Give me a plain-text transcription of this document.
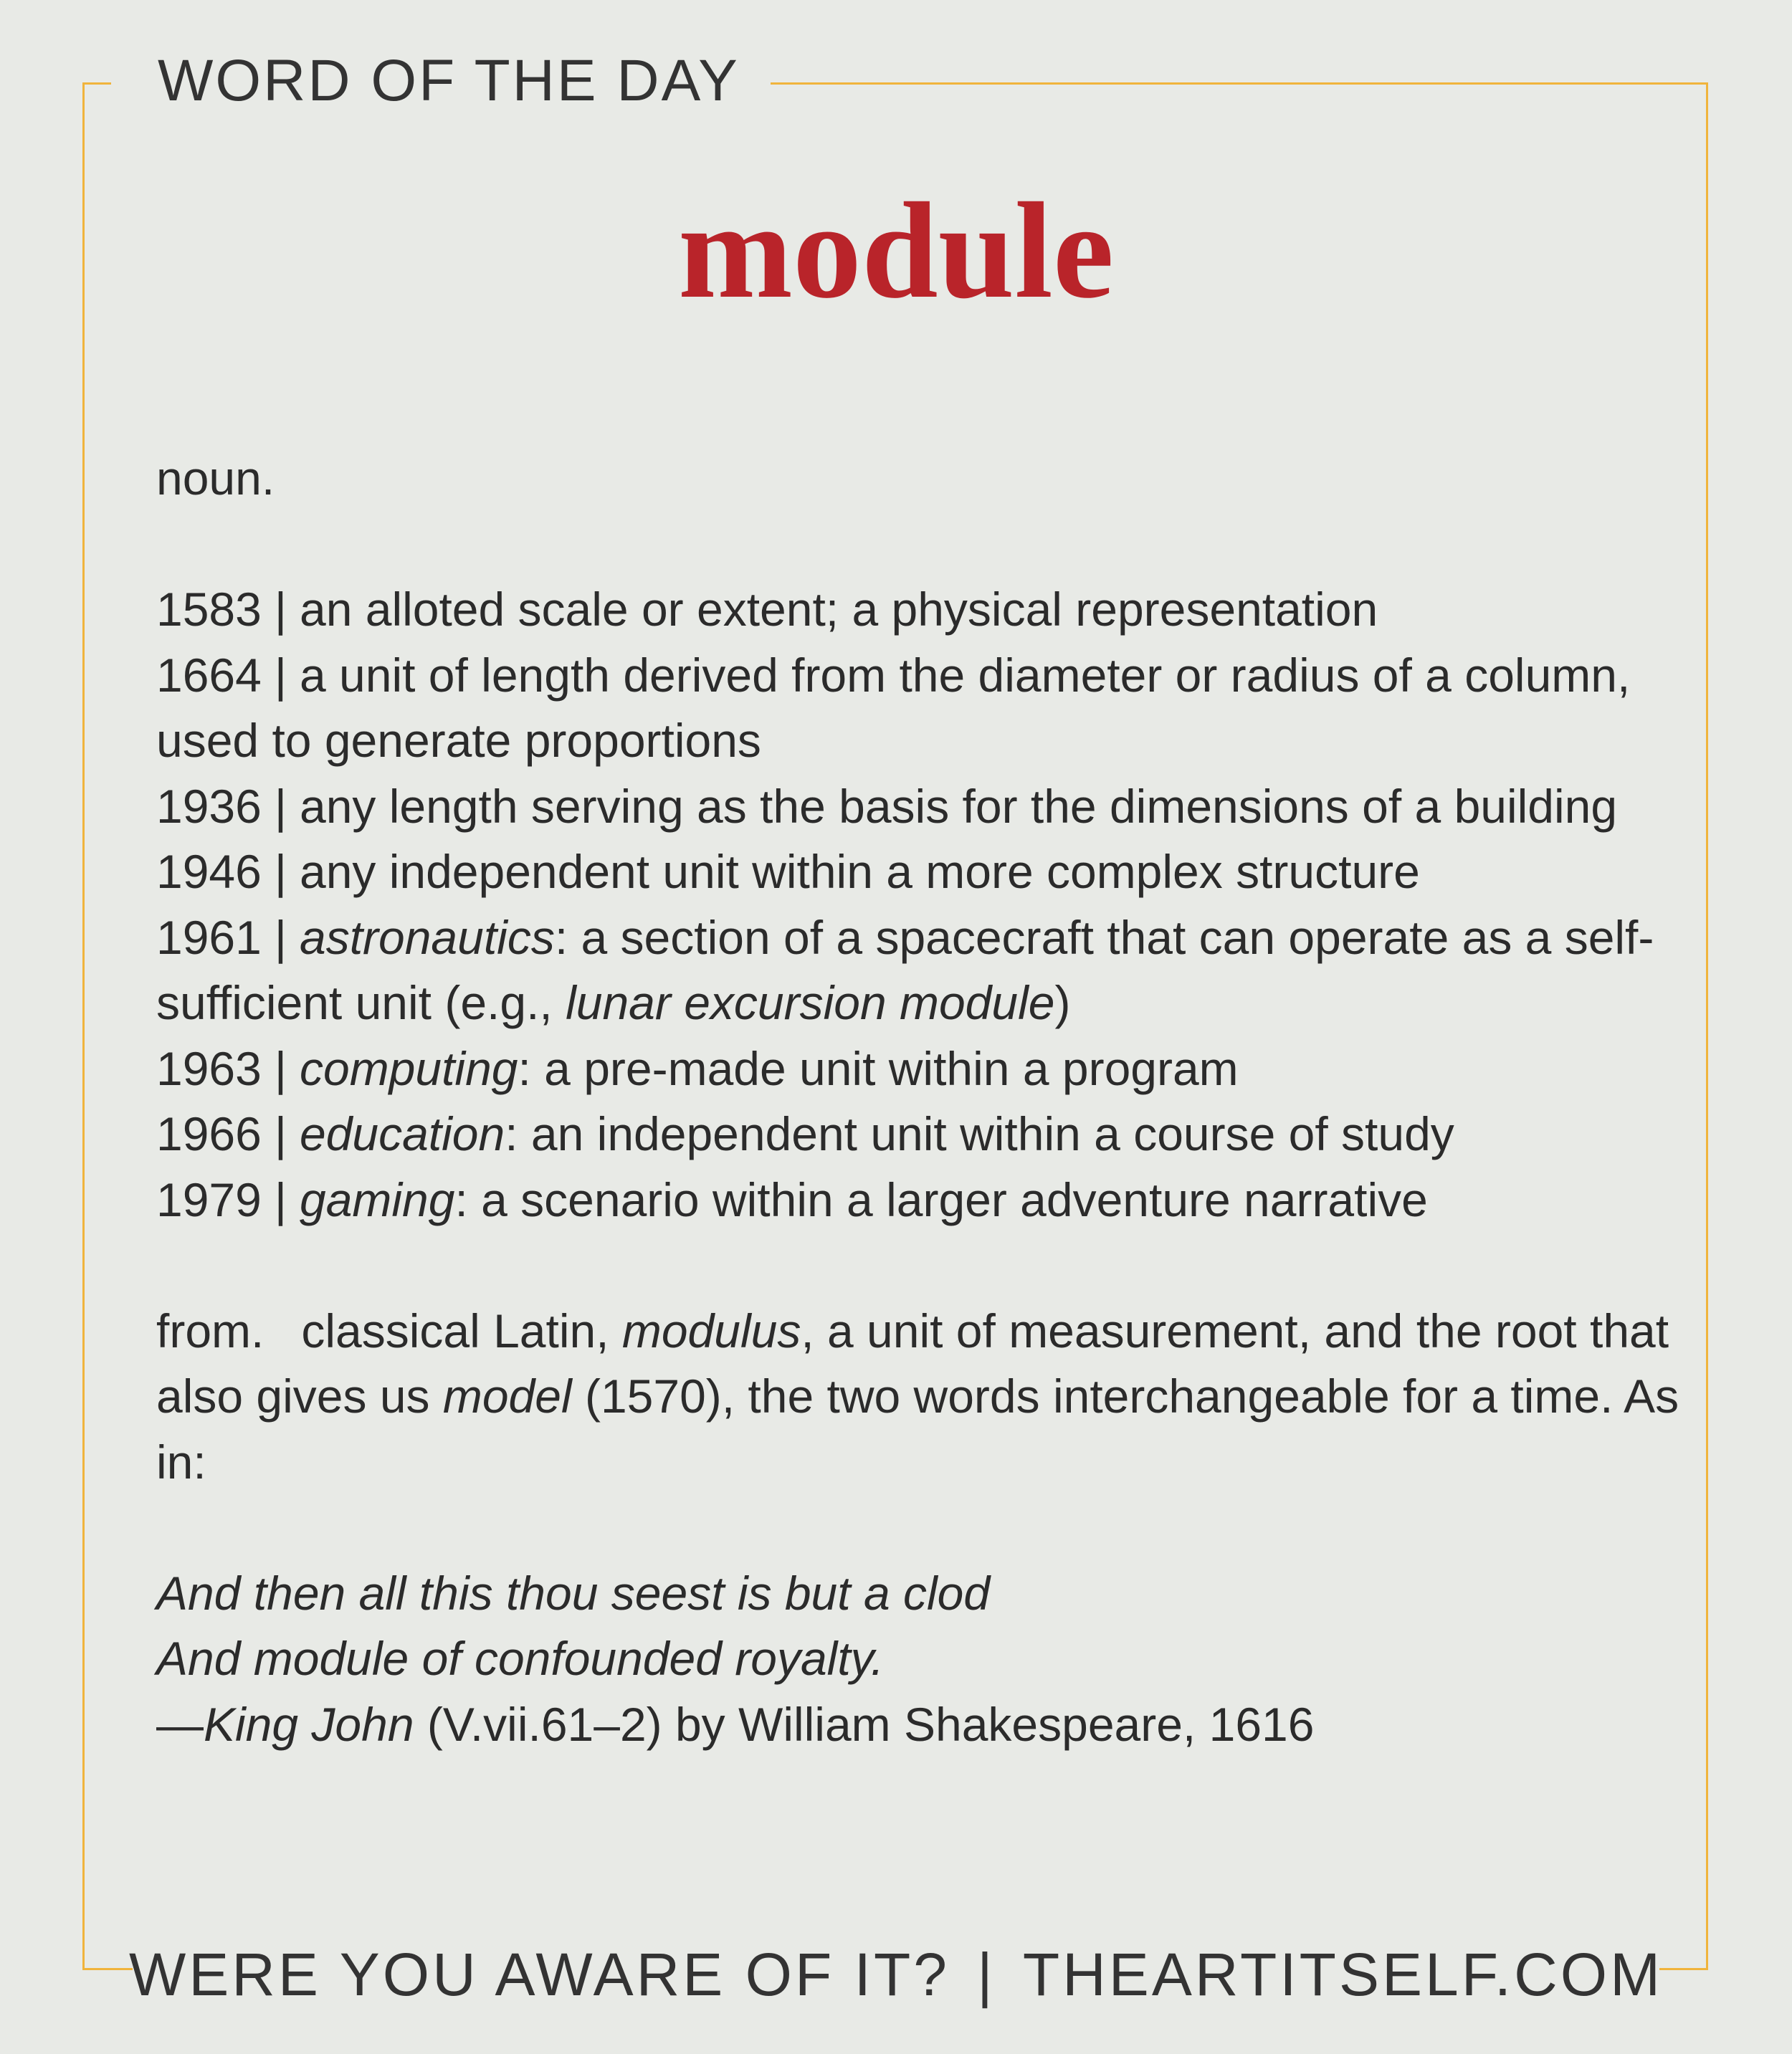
WORD OF THE DAY
module

noun.

1583 | an alloted scale or extent; a physical representation
1664 | a unit of length derived from the diameter or radius of a column, used to generate proportions
1936 | any length serving as the basis for the dimensions of a building
1946 | any independent unit within a more complex structure
1961 | astronautics: a section of a spacecraft that can operate as a self-sufficient unit (e.g., lunar excursion module)
1963 | computing: a pre-made unit within a program
1966 | education: an independent unit within a course of study
1979 | gaming: a scenario within a larger adventure narrative

from. classical Latin, modulus, a unit of measurement, and the root that also gives us model (1570), the two words interchangeable for a time. As in:

And then all this thou seest is but a clod
And module of confounded royalty.
—King John (V.vii.61–2) by William Shakespeare, 1616
WERE YOU AWARE OF IT? | THEARTITSELF.COM
